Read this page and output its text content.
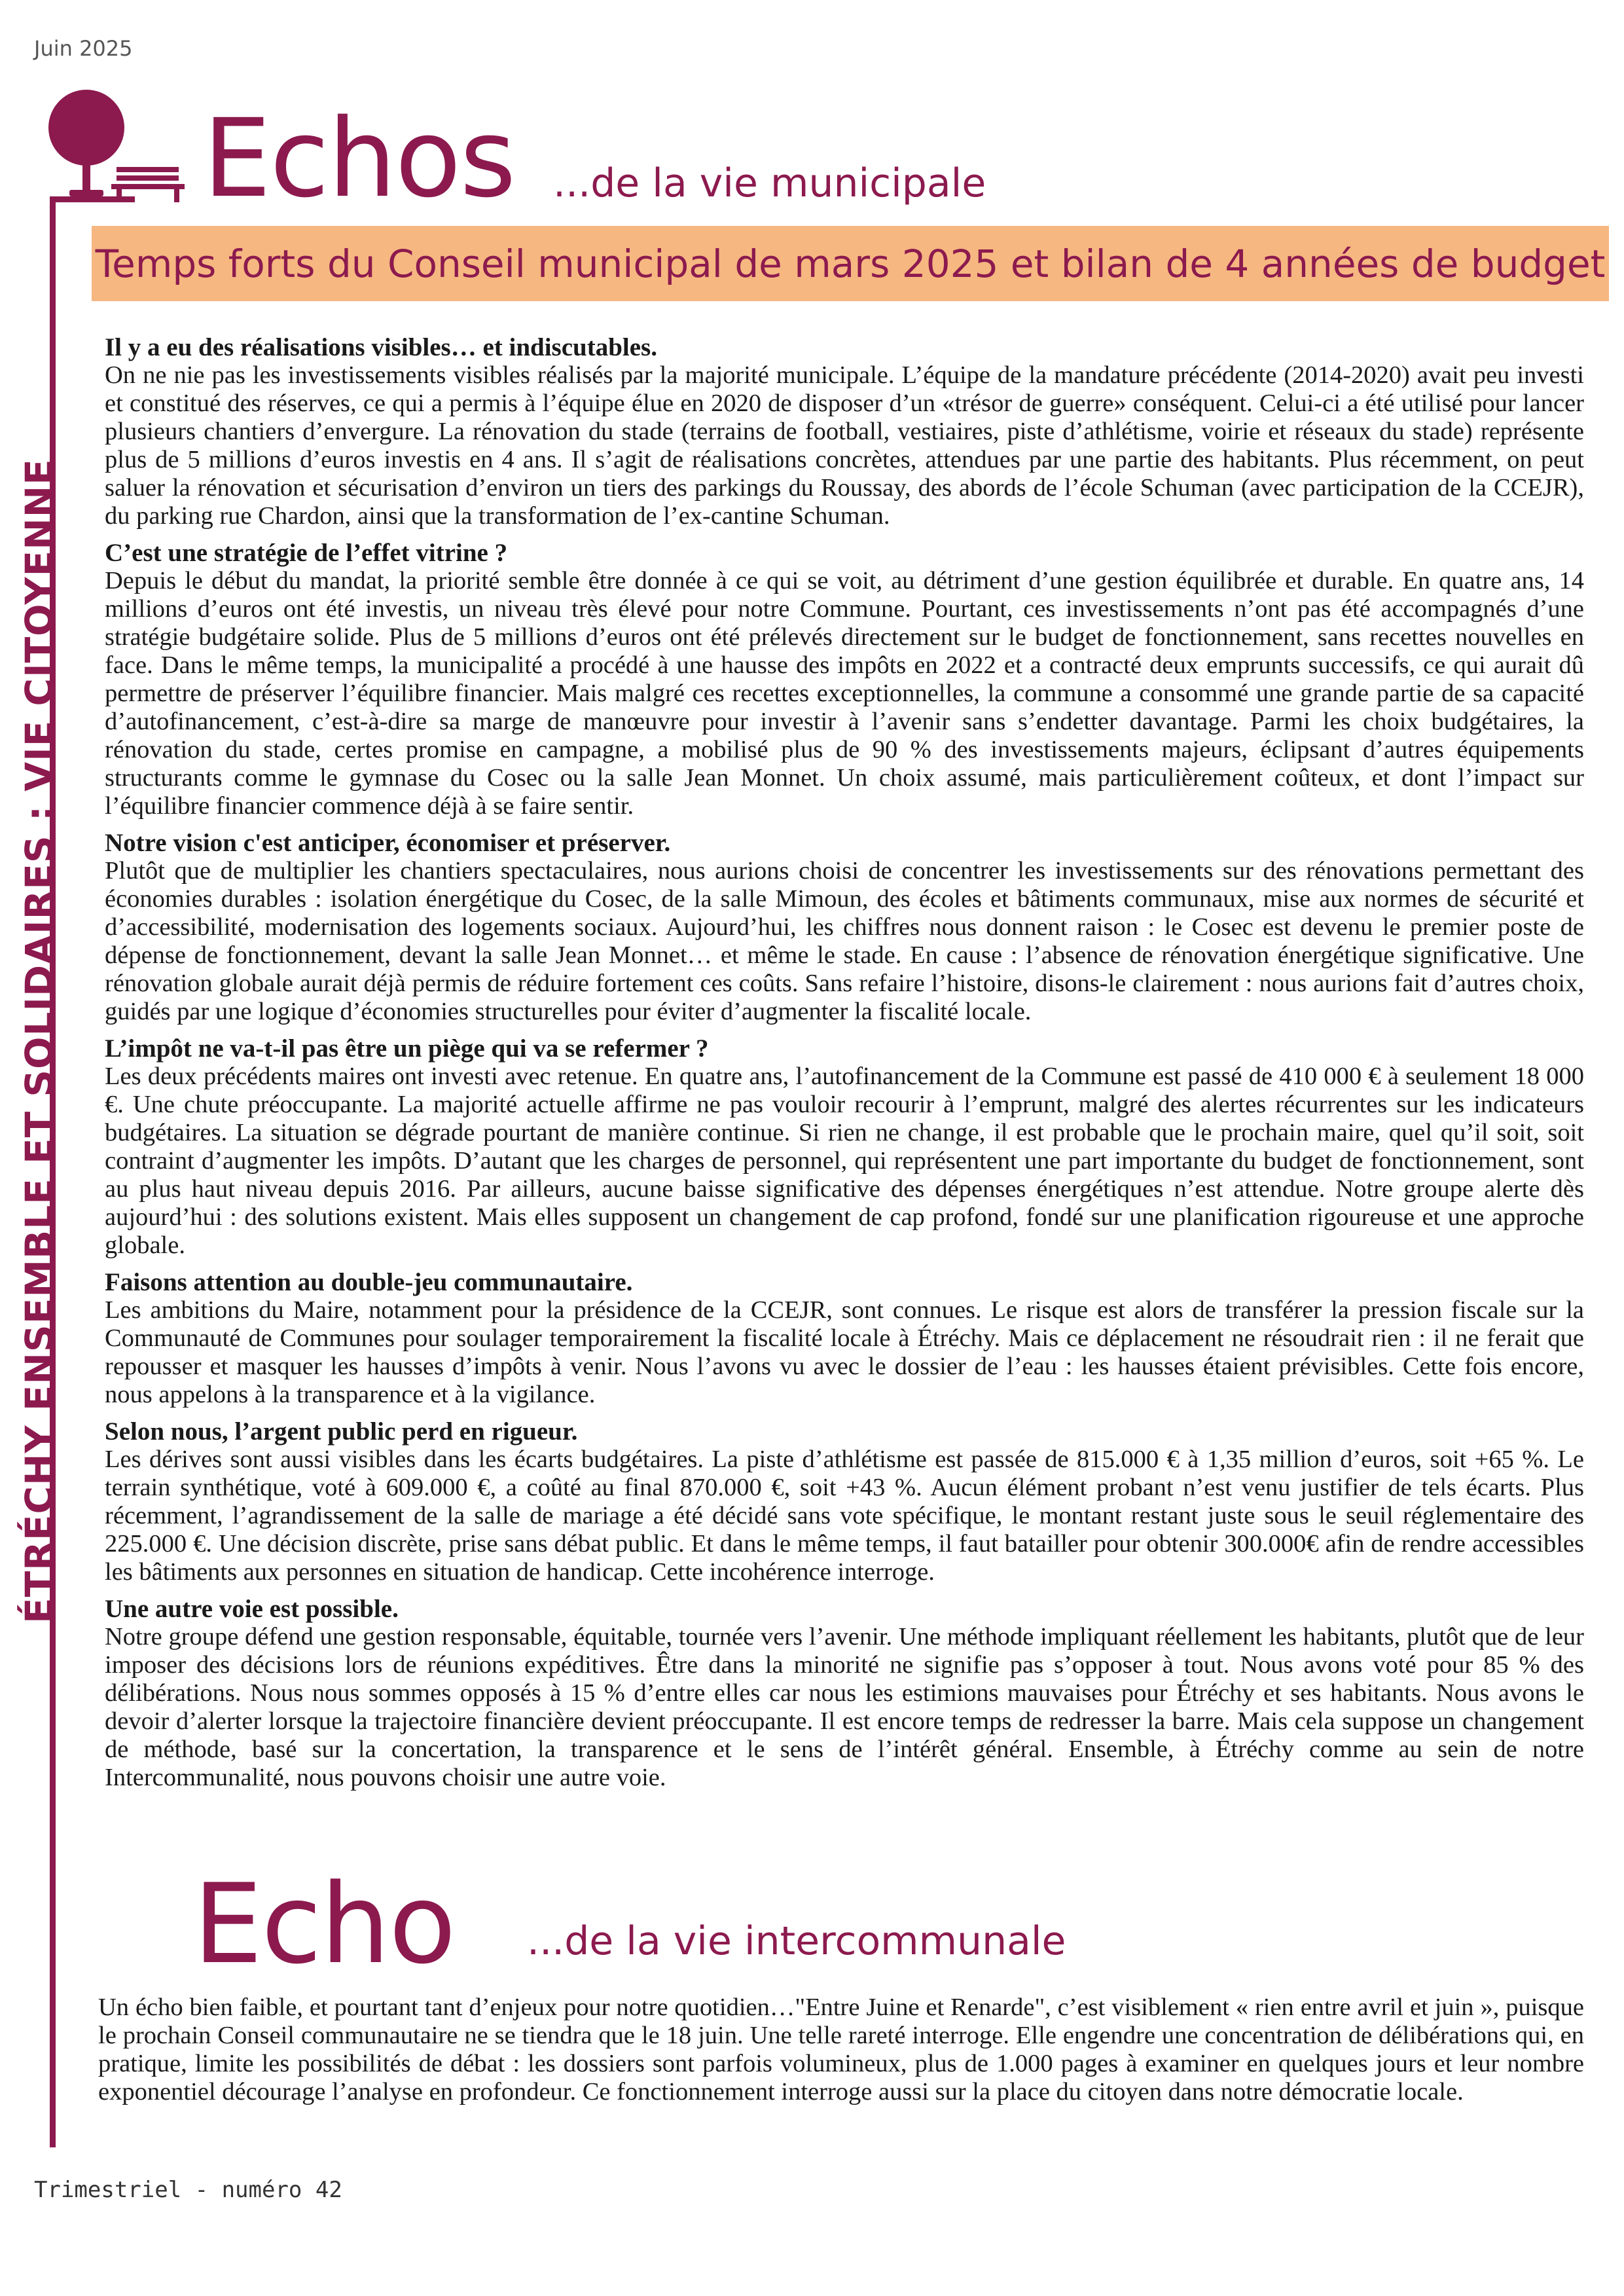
Juin 2025
ÉTRÉCHY ENSEMBLE ET SOLIDAIRES : VIE CITOYENNE
Echos ...de la vie municipale
Temps forts du Conseil municipal de mars 2025 et bilan de 4 années de budget
Il y a eu des réalisations visibles… et indiscutables.

On ne nie pas les investissements visibles réalisés par la majorité municipale. L’équipe de la mandature précédente (2014-2020) avait peu investi et constitué des réserves, ce qui a permis à l’équipe élue en 2020 de disposer d’un «trésor de guerre» conséquent. Celui-ci a été utilisé pour lancer plusieurs chantiers d’envergure. La rénovation du stade (terrains de football, vestiaires, piste d’athlétisme, voirie et réseaux du stade) représente plus de 5 millions d’euros investis en 4 ans. Il s’agit de réalisations concrètes, attendues par une partie des habitants. Plus récemment, on peut saluer la rénovation et sécurisation d’environ un tiers des parkings du Roussay, des abords de l’école Schuman (avec participation de la CCEJR), du parking rue Chardon, ainsi que la transformation de l’ex-cantine Schuman.

C’est une stratégie de l’effet vitrine ?

Depuis le début du mandat, la priorité semble être donnée à ce qui se voit, au détriment d’une gestion équilibrée et durable. En quatre ans, 14 millions d’euros ont été investis, un niveau très élevé pour notre Commune. Pourtant, ces investissements n’ont pas été accompagnés d’une stratégie budgétaire solide. Plus de 5 millions d’euros ont été prélevés directement sur le budget de fonctionnement, sans recettes nouvelles en face. Dans le même temps, la municipalité a procédé à une hausse des impôts en 2022 et a contracté deux emprunts successifs, ce qui aurait dû permettre de préserver l’équilibre financier. Mais malgré ces recettes exceptionnelles, la commune a consommé une grande partie de sa capacité d’autofinancement, c’est-à-dire sa marge de manœuvre pour investir à l’avenir sans s’endetter davantage. Parmi les choix budgétaires, la rénovation du stade, certes promise en campagne, a mobilisé plus de 90 % des investissements majeurs, éclipsant d’autres équipements structurants comme le gymnase du Cosec ou la salle Jean Monnet. Un choix assumé, mais particulièrement coûteux, et dont l’impact sur l’équilibre financier commence déjà à se faire sentir.

Notre vision c'est anticiper, économiser et préserver.

Plutôt que de multiplier les chantiers spectaculaires, nous aurions choisi de concentrer les investissements sur des rénovations permettant des économies durables : isolation énergétique du Cosec, de la salle Mimoun, des écoles et bâtiments communaux, mise aux normes de sécurité et d’accessibilité, modernisation des logements sociaux. Aujourd’hui, les chiffres nous donnent raison : le Cosec est devenu le premier poste de dépense de fonctionnement, devant la salle Jean Monnet… et même le stade. En cause : l’absence de rénovation énergétique significative. Une rénovation globale aurait déjà permis de réduire fortement ces coûts. Sans refaire l’histoire, disons-le clairement : nous aurions fait d’autres choix, guidés par une logique d’économies structurelles pour éviter d’augmenter la fiscalité locale.

L’impôt ne va-t-il pas être un piège qui va se refermer ?

Les deux précédents maires ont investi avec retenue. En quatre ans, l’autofinancement de la Commune est passé de 410 000 € à seulement 18 000 €. Une chute préoccupante. La majorité actuelle affirme ne pas vouloir recourir à l’emprunt, malgré des alertes récurrentes sur les indicateurs budgétaires. La situation se dégrade pourtant de manière continue. Si rien ne change, il est probable que le prochain maire, quel qu’il soit, soit contraint d’augmenter les impôts. D’autant que les charges de personnel, qui représentent une part importante du budget de fonctionnement, sont au plus haut niveau depuis 2016. Par ailleurs, aucune baisse significative des dépenses énergétiques n’est attendue. Notre groupe alerte dès aujourd’hui : des solutions existent. Mais elles supposent un changement de cap profond, fondé sur une planification rigoureuse et une approche globale.

Faisons attention au double-jeu communautaire.

Les ambitions du Maire, notamment pour la présidence de la CCEJR, sont connues. Le risque est alors de transférer la pression fiscale sur la Communauté de Communes pour soulager temporairement la fiscalité locale à Étréchy. Mais ce déplacement ne résoudrait rien : il ne ferait que repousser et masquer les hausses d’impôts à venir. Nous l’avons vu avec le dossier de l’eau : les hausses étaient prévisibles. Cette fois encore, nous appelons à la transparence et à la vigilance.

Selon nous, l’argent public perd en rigueur.

Les dérives sont aussi visibles dans les écarts budgétaires. La piste d’athlétisme est passée de 815.000 € à 1,35 million d’euros, soit +65 %. Le terrain synthétique, voté à 609.000 €, a coûté au final 870.000 €, soit +43 %. Aucun élément probant n’est venu justifier de tels écarts. Plus récemment, l’agrandissement de la salle de mariage a été décidé sans vote spécifique, le montant restant juste sous le seuil réglementaire des 225.000 €. Une décision discrète, prise sans débat public. Et dans le même temps, il faut batailler pour obtenir 300.000€ afin de rendre accessibles les bâtiments aux personnes en situation de handicap. Cette incohérence interroge.

Une autre voie est possible.

Notre groupe défend une gestion responsable, équitable, tournée vers l’avenir. Une méthode impliquant réellement les habitants, plutôt que de leur imposer des décisions lors de réunions expéditives. Être dans la minorité ne signifie pas s’opposer à tout. Nous avons voté pour 85 % des délibérations. Nous nous sommes opposés à 15 % d’entre elles car nous les estimions mauvaises pour Étréchy et ses habitants. Nous avons le devoir d’alerter lorsque la trajectoire financière devient préoccupante. Il est encore temps de redresser la barre. Mais cela suppose un changement de méthode, basé sur la concertation, la transparence et le sens de l’intérêt général. Ensemble, à Étréchy comme au sein de notre Intercommunalité, nous pouvons choisir une autre voie.

Echo ...de la vie intercommunale

Un écho bien faible, et pourtant tant d’enjeux pour notre quotidien…"Entre Juine et Renarde", c’est visiblement « rien entre avril et juin », puisque le prochain Conseil communautaire ne se tiendra que le 18 juin. Une telle rareté interroge. Elle engendre une concentration de délibérations qui, en pratique, limite les possibilités de débat : les dossiers sont parfois volumineux, plus de 1.000 pages à examiner en quelques jours et leur nombre exponentiel décourage l’analyse en profondeur. Ce fonctionnement interroge aussi sur la place du citoyen dans notre démocratie locale.

Trimestriel - numéro 42
